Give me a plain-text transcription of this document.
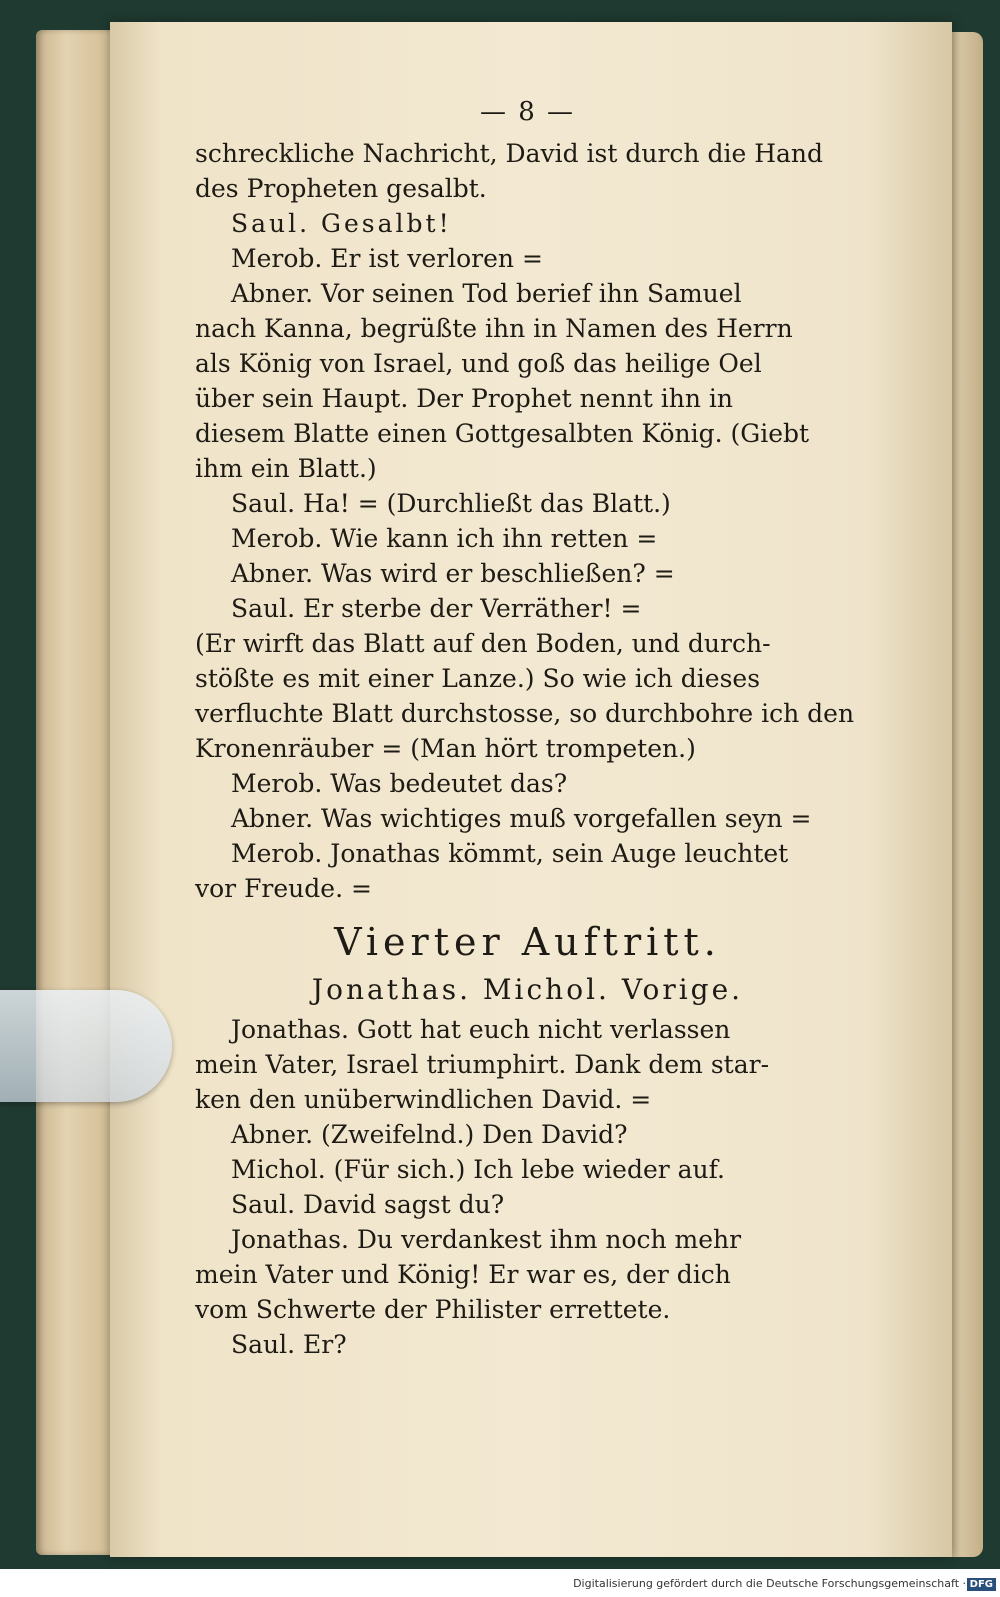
— 8 —
schreckliche Nachricht, David ist durch die Hand
des Propheten gesalbt.
Saul. Gesalbt!
Merob. Er ist verloren =
Abner. Vor seinen Tod berief ihn Samuel
nach Kanna, begrüßte ihn in Namen des Herrn
als König von Israel, und goß das heilige Oel
über sein Haupt. Der Prophet nennt ihn in
diesem Blatte einen Gottgesalbten König. (Giebt
ihm ein Blatt.)
Saul. Ha! = (Durchließt das Blatt.)
Merob. Wie kann ich ihn retten =
Abner. Was wird er beschließen? =
Saul. Er sterbe der Verräther! =
(Er wirft das Blatt auf den Boden, und durch-
stößte es mit einer Lanze.) So wie ich dieses
verfluchte Blatt durchstosse, so durchbohre ich den
Kronenräuber = (Man hört trompeten.)
Merob. Was bedeutet das?
Abner. Was wichtiges muß vorgefallen seyn =
Merob. Jonathas kömmt, sein Auge leuchtet
vor Freude. =
Vierter Auftritt.
Jonathas. Michol. Vorige.
Jonathas. Gott hat euch nicht verlassen
mein Vater, Israel triumphirt. Dank dem star-
ken den unüberwindlichen David. =
Abner. (Zweifelnd.) Den David?
Michol. (Für sich.) Ich lebe wieder auf.
Saul. David sagst du?
Jonathas. Du verdankest ihm noch mehr
mein Vater und König! Er war es, der dich
vom Schwerte der Philister errettete.
Saul. Er?
Digitalisierung gefördert durch die Deutsche Forschungsgemeinschaft · DFG
